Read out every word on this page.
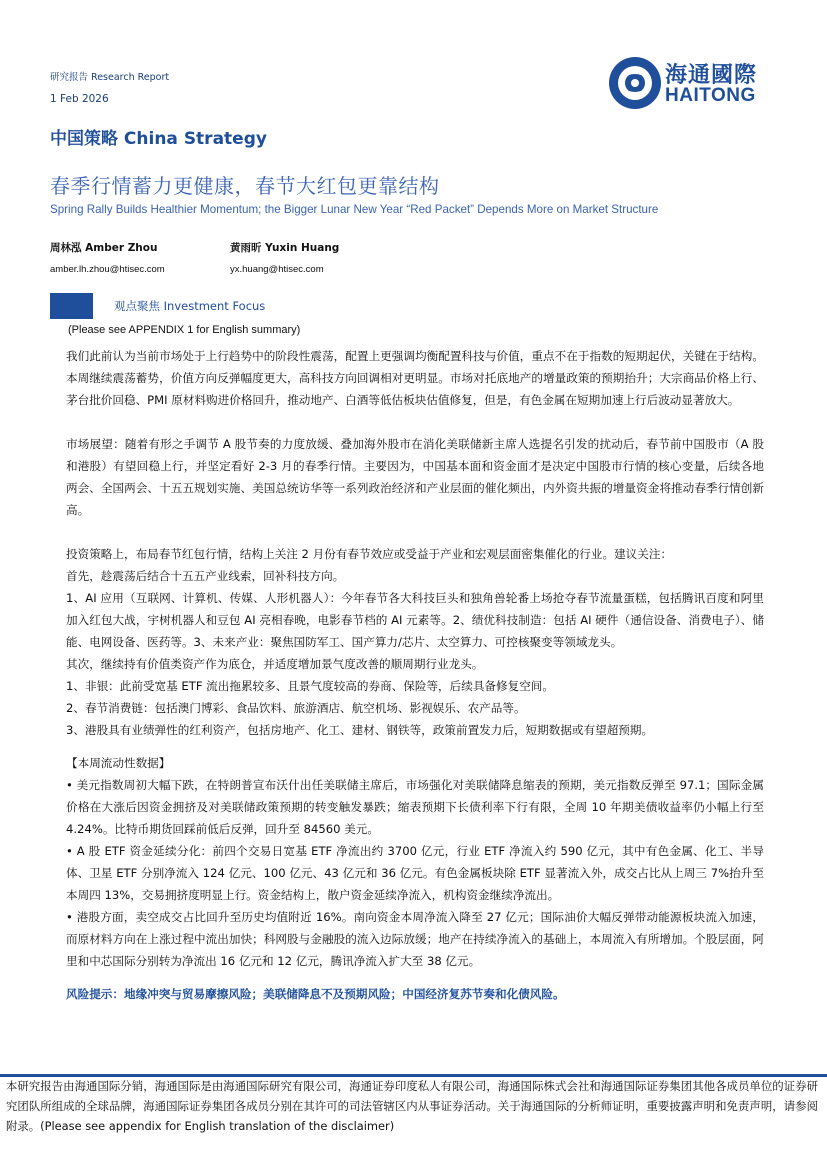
研究报告 Research Report
1 Feb 2026
海通國際
HAITONG
中国策略 China Strategy
春季行情蓄力更健康，春节大红包更靠结构
Spring Rally Builds Healthier Momentum; the Bigger Lunar New Year “Red Packet” Depends More on Market Structure
周林泓 Amber Zhou
amber.lh.zhou@htisec.com
黄雨昕 Yuxin Huang
yx.huang@htisec.com
观点聚焦 Investment Focus
(Please see APPENDIX 1 for English summary)

我们此前认为当前市场处于上行趋势中的阶段性震荡，配置上更强调均衡配置科技与价值，重点不在于指数的短期起伏，关键在于结构。本周继续震荡蓄势，价值方向反弹幅度更大，高科技方向回调相对更明显。市场对托底地产的增量政策的预期抬升；大宗商品价格上行、茅台批价回稳、PMI 原材料购进价格回升，推动地产、白酒等低估板块估值修复，但是，有色金属在短期加速上行后波动显著放大。

市场展望：随着有形之手调节 A 股节奏的力度放缓、叠加海外股市在消化美联储新主席人选提名引发的扰动后，春节前中国股市（A 股和港股）有望回稳上行，并坚定看好 2-3 月的春季行情。主要因为，中国基本面和资金面才是决定中国股市行情的核心变量，后续各地两会、全国两会、十五五规划实施、美国总统访华等一系列政治经济和产业层面的催化频出，内外资共振的增量资金将推动春季行情创新高。

投资策略上，布局春节红包行情，结构上关注 2 月份有春节效应或受益于产业和宏观层面密集催化的行业。建议关注：

首先，趁震荡后结合十五五产业线索，回补科技方向。

1、AI 应用（互联网、计算机、传媒、人形机器人）：今年春节各大科技巨头和独角兽轮番上场抢夺春节流量蛋糕，包括腾讯百度和阿里加入红包大战，宇树机器人和豆包 AI 亮相春晚，电影春节档的 AI 元素等。2、绩优科技制造：包括 AI 硬件（通信设备、消费电子）、储能、电网设备、医药等。3、未来产业：聚焦国防军工、国产算力/芯片、太空算力、可控核聚变等领域龙头。

其次，继续持有价值类资产作为底仓，并适度增加景气度改善的顺周期行业龙头。

1、非银：此前受宽基 ETF 流出拖累较多、且景气度较高的券商、保险等，后续具备修复空间。

2、春节消费链：包括澳门博彩、食品饮料、旅游酒店、航空机场、影视娱乐、农产品等。

3、港股具有业绩弹性的红利资产，包括房地产、化工、建材、钢铁等，政策前置发力后，短期数据或有望超预期。

【本周流动性数据】

• 美元指数周初大幅下跌，在特朗普宣布沃什出任美联储主席后，市场强化对美联储降息缩表的预期，美元指数反弹至 97.1；国际金属价格在大涨后因资金拥挤及对美联储政策预期的转变触发暴跌；缩表预期下长债利率下行有限，全周 10 年期美债收益率仍小幅上行至 4.24%。比特币期货回踩前低后反弹，回升至 84560 美元。

• A 股 ETF 资金延续分化：前四个交易日宽基 ETF 净流出约 3700 亿元，行业 ETF 净流入约 590 亿元，其中有色金属、化工、半导体、卫星 ETF 分别净流入 124 亿元、100 亿元、43 亿元和 36 亿元。有色金属板块除 ETF 显著流入外，成交占比从上周三 7%抬升至本周四 13%，交易拥挤度明显上行。资金结构上，散户资金延续净流入，机构资金继续净流出。

• 港股方面，卖空成交占比回升至历史均值附近 16%。南向资金本周净流入降至 27 亿元；国际油价大幅反弹带动能源板块流入加速，而原材料方向在上涨过程中流出加快；科网股与金融股的流入边际放缓；地产在持续净流入的基础上，本周流入有所增加。个股层面，阿里和中芯国际分别转为净流出 16 亿元和 12 亿元，腾讯净流入扩大至 38 亿元。

风险提示：地缘冲突与贸易摩擦风险；美联储降息不及预期风险；中国经济复苏节奏和化债风险。

本研究报告由海通国际分销，海通国际是由海通国际研究有限公司，海通证券印度私人有限公司，海通国际株式会社和海通国际证券集团其他各成员单位的证券研究团队所组成的全球品牌，海通国际证券集团各成员分别在其许可的司法管辖区内从事证券活动。关于海通国际的分析师证明，重要披露声明和免责声明，请参阅附录。(Please see appendix for English translation of the disclaimer)
